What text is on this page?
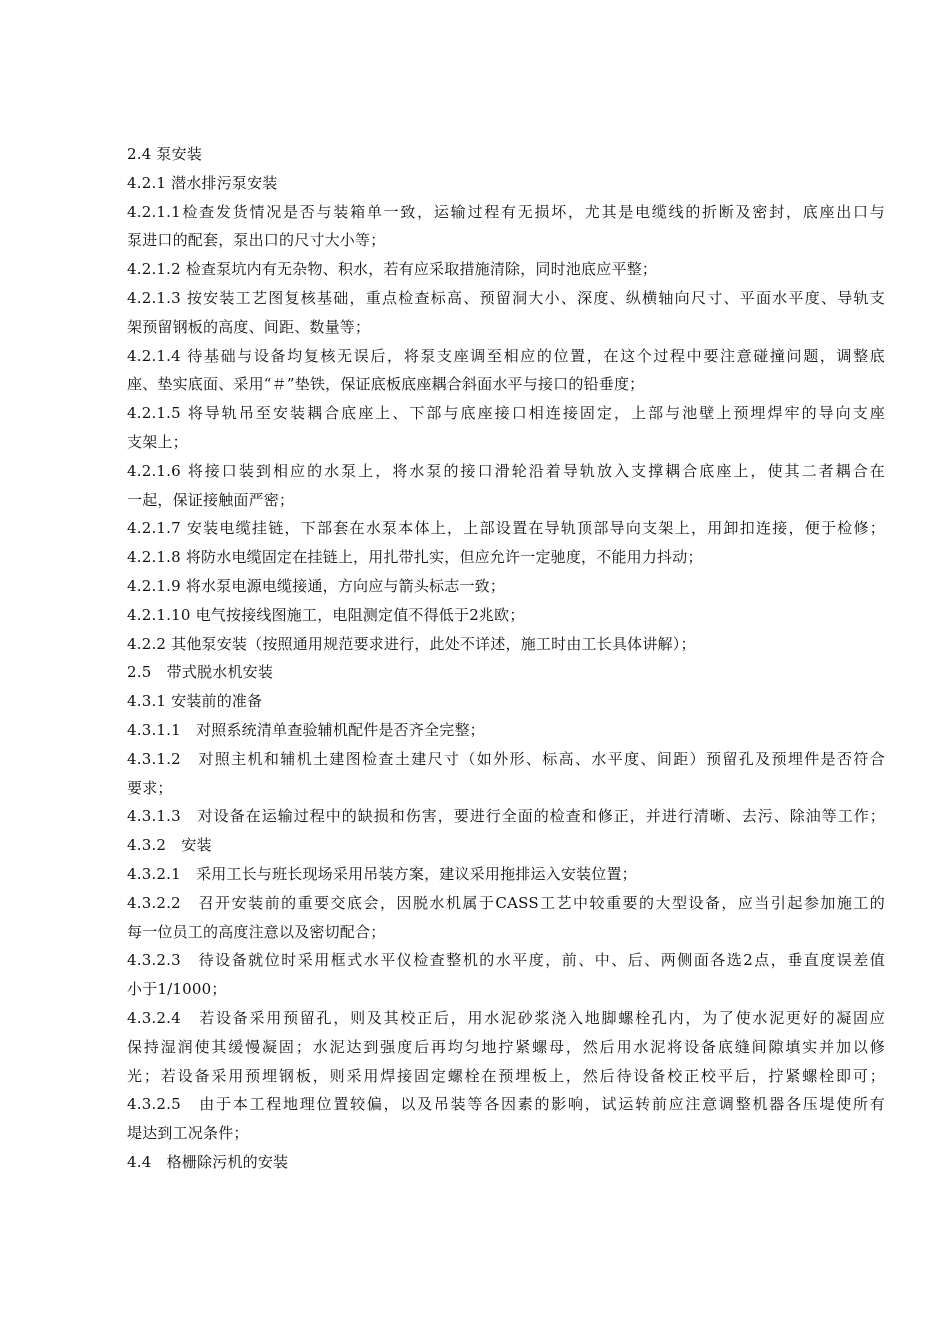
2.4 泵安装
4.2.1 潜水排污泵安装
4.2.1.1检查发货情况是否与装箱单一致，运输过程有无损坏，尤其是电缆线的折断及密封，底座出口与
泵进口的配套，泵出口的尺寸大小等；
4.2.1.2 检查泵坑内有无杂物、积水，若有应采取措施清除，同时池底应平整；
4.2.1.3 按安装工艺图复核基础，重点检查标高、预留洞大小、深度、纵横轴向尺寸、平面水平度、导轨支
架预留钢板的高度、间距、数量等；
4.2.1.4 待基础与设备均复核无误后，将泵支座调至相应的位置，在这个过程中要注意碰撞问题，调整底
座、垫实底面、采用“＃”垫铁，保证底板底座耦合斜面水平与接口的铅垂度；
4.2.1.5 将导轨吊至安装耦合底座上、下部与底座接口相连接固定，上部与池壁上预埋焊牢的导向支座
支架上；
4.2.1.6 将接口装到相应的水泵上，将水泵的接口滑轮沿着导轨放入支撑耦合底座上，使其二者耦合在
一起，保证接触面严密；
4.2.1.7 安装电缆挂链，下部套在水泵本体上，上部设置在导轨顶部导向支架上，用卸扣连接，便于检修；
4.2.1.8 将防水电缆固定在挂链上，用扎带扎实，但应允许一定驰度，不能用力抖动；
4.2.1.9 将水泵电源电缆接通，方向应与箭头标志一致；
4.2.1.10 电气按接线图施工，电阻测定值不得低于2兆欧；
4.2.2 其他泵安装（按照通用规范要求进行，此处不详述，施工时由工长具体讲解）；
2.5　带式脱水机安装
4.3.1 安装前的准备
4.3.1.1　对照系统清单查验辅机配件是否齐全完整；
4.3.1.2　对照主机和辅机土建图检查土建尺寸（如外形、标高、水平度、间距）预留孔及预埋件是否符合
要求；
4.3.1.3　对设备在运输过程中的缺损和伤害，要进行全面的检查和修正，并进行清晰、去污、除油等工作；
4.3.2　安装
4.3.2.1　采用工长与班长现场采用吊装方案，建议采用拖排运入安装位置；
4.3.2.2　召开安装前的重要交底会，因脱水机属于CASS工艺中较重要的大型设备，应当引起参加施工的
每一位员工的高度注意以及密切配合；
4.3.2.3　待设备就位时采用框式水平仪检查整机的水平度，前、中、后、两侧面各选2点，垂直度误差值
小于1/1000；
4.3.2.4　若设备采用预留孔，则及其校正后，用水泥砂浆浇入地脚螺栓孔内，为了使水泥更好的凝固应
保持湿润使其缓慢凝固；水泥达到强度后再均匀地拧紧螺母，然后用水泥将设备底缝间隙填实并加以修
光；若设备采用预埋钢板，则采用焊接固定螺栓在预埋板上，然后待设备校正校平后，拧紧螺栓即可；
4.3.2.5　由于本工程地理位置较偏，以及吊装等各因素的影响，试运转前应注意调整机器各压堤使所有
堤达到工况条件；
4.4　格栅除污机的安装
